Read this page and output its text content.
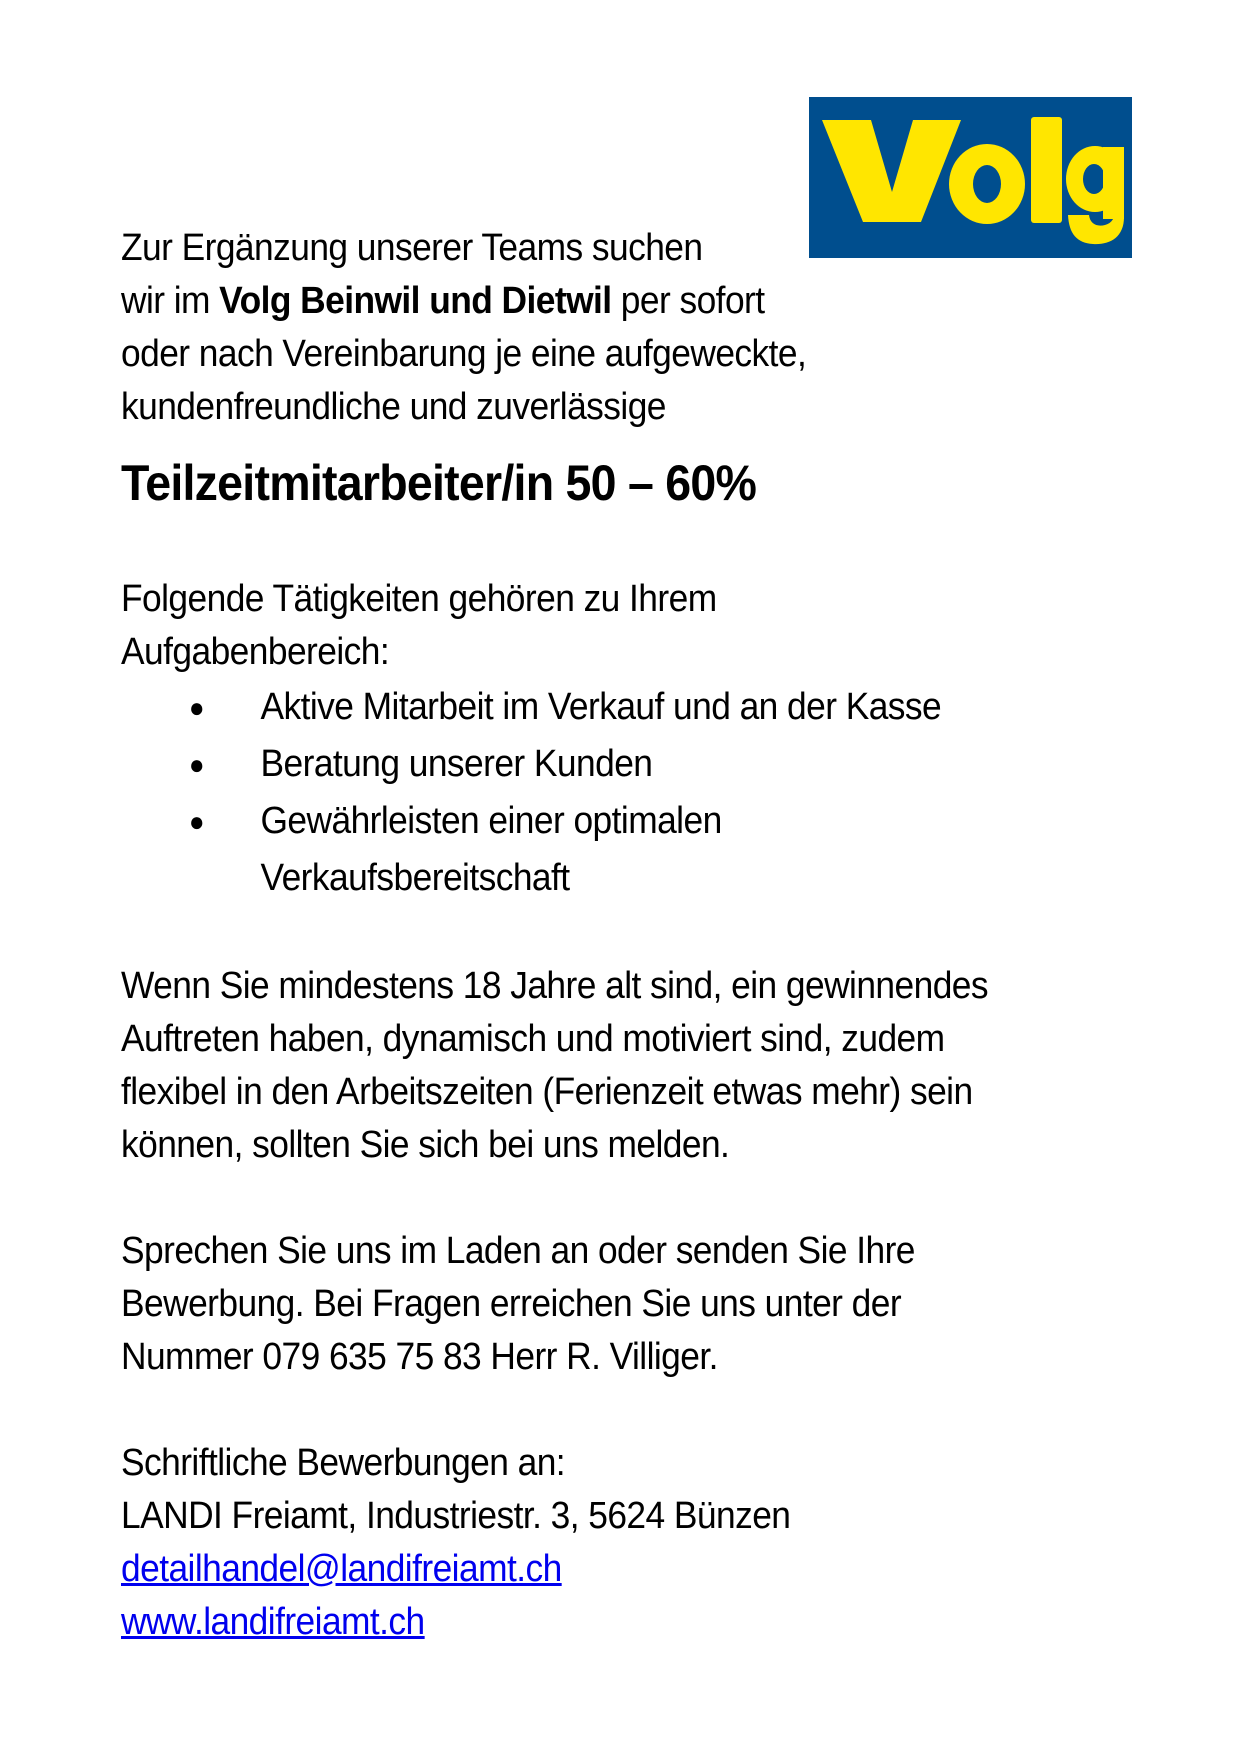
Zur Ergänzung unserer Teams suchen

wir im Volg Beinwil und Dietwil per sofort

oder nach Vereinbarung je eine aufgeweckte,

kundenfreundliche und zuverlässige

Teilzeitmitarbeiter/in 50 – 60%

Folgende Tätigkeiten gehören zu Ihrem

Aufgabenbereich:

● Aktive Mitarbeit im Verkauf und an der Kasse
● Beratung unserer Kunden
● Gewährleisten einer optimalen
Verkaufsbereitschaft

Wenn Sie mindestens 18 Jahre alt sind, ein gewinnendes

Auftreten haben, dynamisch und motiviert sind, zudem

flexibel in den Arbeitszeiten (Ferienzeit etwas mehr) sein

können, sollten Sie sich bei uns melden.

Sprechen Sie uns im Laden an oder senden Sie Ihre

Bewerbung. Bei Fragen erreichen Sie uns unter der

Nummer 079 635 75 83 Herr R. Villiger.

Schriftliche Bewerbungen an:

LANDI Freiamt, Industriestr. 3, 5624 Bünzen

detailhandel@landifreiamt.ch

www.landifreiamt.ch
